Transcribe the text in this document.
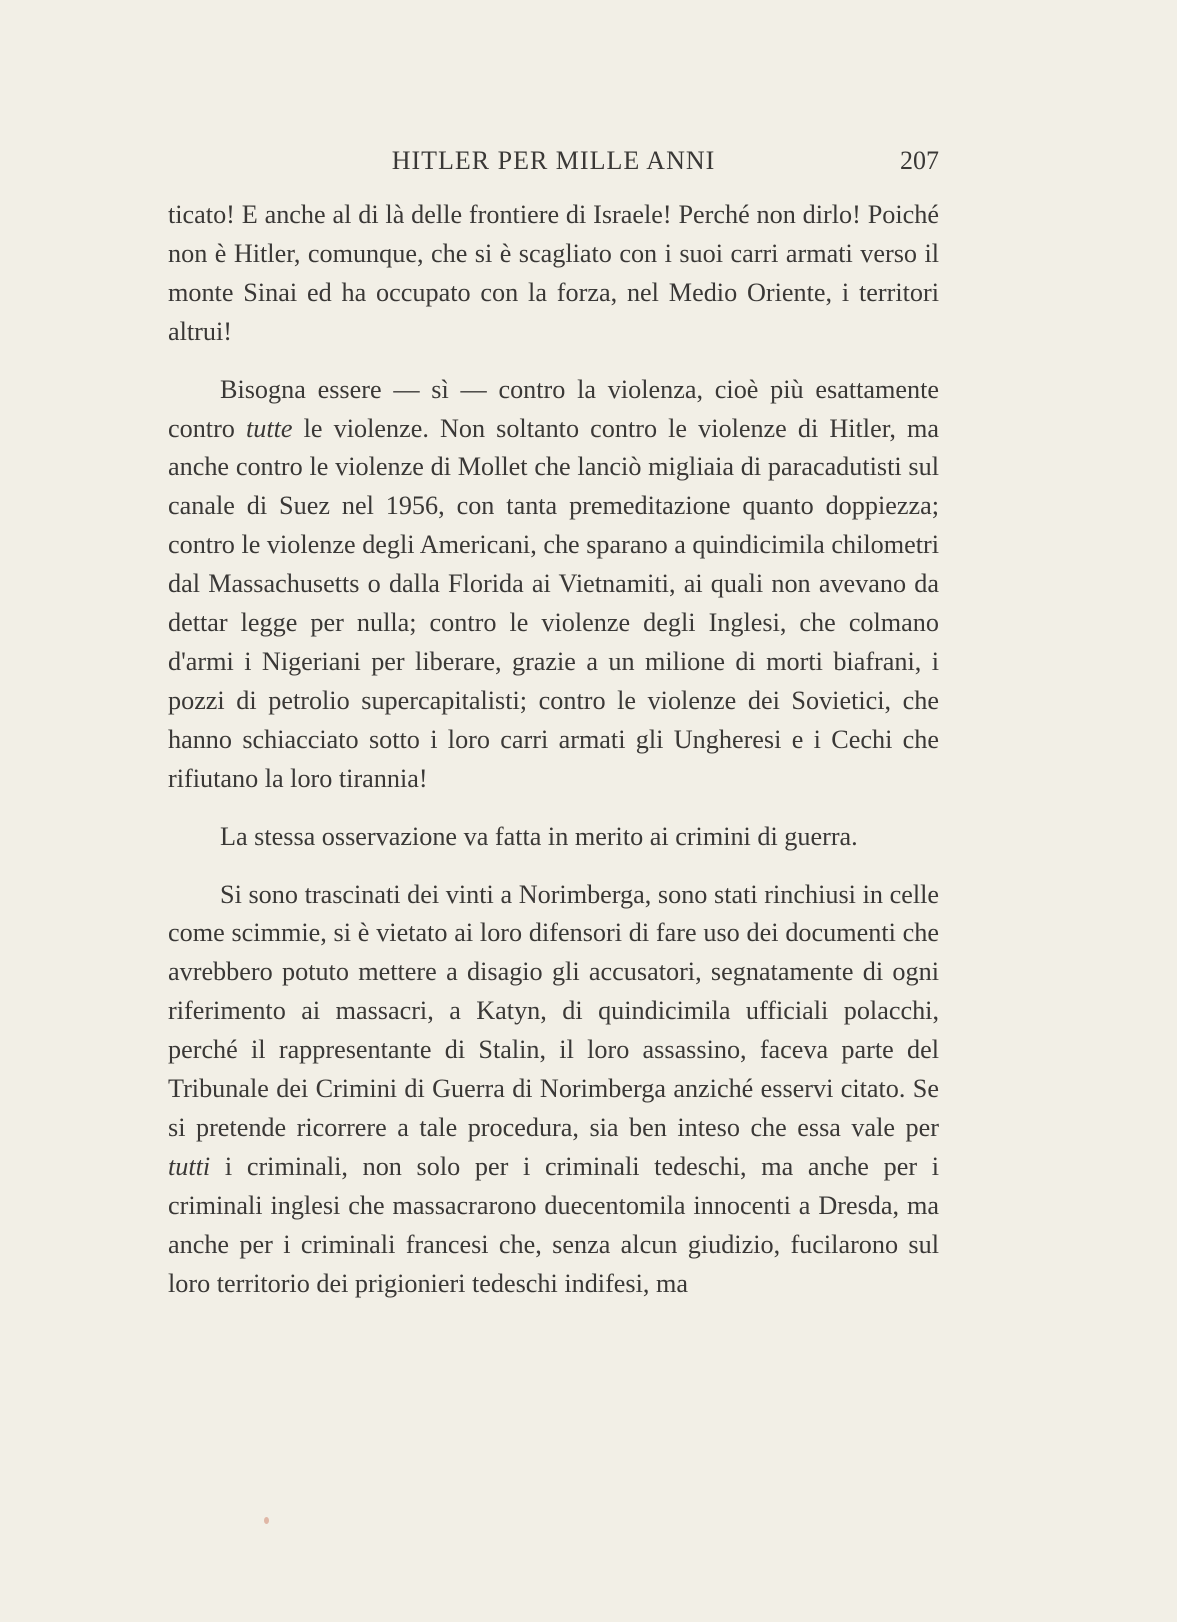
HITLER PER MILLE ANNI	207

ticato! E anche al di là delle frontiere di Israele! Perché non dirlo! Poiché non è Hitler, comunque, che si è scagliato con i suoi carri armati verso il monte Sinai ed ha occupato con la forza, nel Medio Oriente, i territori altrui!

Bisogna essere — sì — contro la violenza, cioè più esattamente contro tutte le violenze. Non soltanto contro le violenze di Hitler, ma anche contro le violenze di Mollet che lanciò migliaia di paracadutisti sul canale di Suez nel 1956, con tanta premeditazione quanto doppiezza; contro le violenze degli Americani, che sparano a quindicimila chilometri dal Massachusetts o dalla Florida ai Vietnamiti, ai quali non avevano da dettar legge per nulla; contro le violenze degli Inglesi, che colmano d'armi i Nigeriani per liberare, grazie a un milione di morti biafrani, i pozzi di petrolio supercapitalisti; contro le violenze dei Sovietici, che hanno schiacciato sotto i loro carri armati gli Ungheresi e i Cechi che rifiutano la loro tirannia!

La stessa osservazione va fatta in merito ai crimini di guerra.

Si sono trascinati dei vinti a Norimberga, sono stati rinchiusi in celle come scimmie, si è vietato ai loro difensori di fare uso dei documenti che avrebbero potuto mettere a disagio gli accusatori, segnatamente di ogni riferimento ai massacri, a Katyn, di quindicimila ufficiali polacchi, perché il rappresentante di Stalin, il loro assassino, faceva parte del Tribunale dei Crimini di Guerra di Norimberga anziché esservi citato. Se si pretende ricorrere a tale procedura, sia ben inteso che essa vale per tutti i criminali, non solo per i criminali tedeschi, ma anche per i criminali inglesi che massacrarono duecentomila innocenti a Dresda, ma anche per i criminali francesi che, senza alcun giudizio, fucilarono sul loro territorio dei prigionieri tedeschi indifesi, ma
